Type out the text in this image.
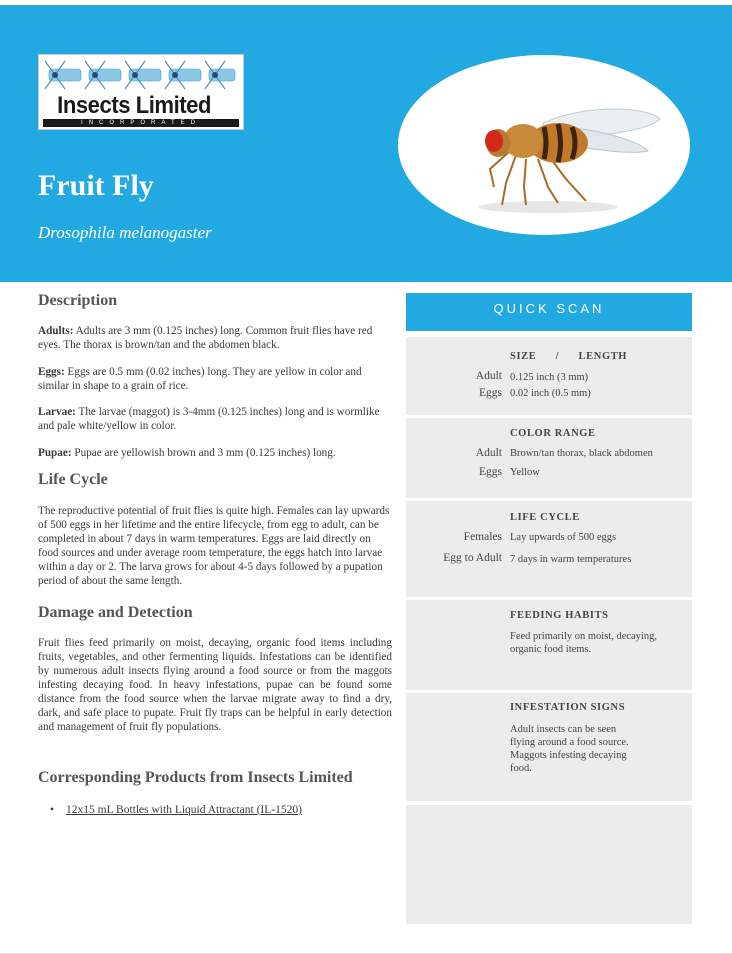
Insects Limited
INCORPORATED
Fruit Fly
Drosophila melanogaster
Description

Adults: Adults are 3 mm (0.125 inches) long. Common fruit flies have red eyes. The thorax is brown/tan and the abdomen black.

Eggs: Eggs are 0.5 mm (0.02 inches) long. They are yellow in color and similar in shape to a grain of rice.

Larvae: The larvae (maggot) is 3-4mm (0.125 inches) long and is wormlike and pale white/yellow in color.

Pupae: Pupae are yellowish brown and 3 mm (0.125 inches) long.

Life Cycle

The reproductive potential of fruit flies is quite high. Females can lay upwards of 500 eggs in her lifetime and the entire lifecycle, from egg to adult, can be completed in about 7 days in warm temperatures. Eggs are laid directly on food sources and under average room temperature, the eggs hatch into larvae within a day or 2. The larva grows for about 4-5 days followed by a pupation period of about the same length.

Damage and Detection

Fruit flies feed primarily on moist, decaying, organic food items including fruits, vegetables, and other fermenting liquids. Infestations can be identified by numerous adult insects flying around a food source or from the maggots infesting decaying food. In heavy infestations, pupae can be found some distance from the food source when the larvae migrate away to find a dry, dark, and safe place to pupate. Fruit fly traps can be helpful in early detection and management of fruit fly populations.

Corresponding Products from Insects Limited
• 12x15 mL Bottles with Liquid Attractant (IL-1520)
QUICK SCAN
SIZE      /      LENGTH
Adult 0.125 inch (3 mm)
Eggs 0.02 inch (0.5 mm)
COLOR RANGE
Adult Brown/tan thorax, black abdomen
Eggs Yellow
LIFE CYCLE
Females Lay upwards of 500 eggs
Egg to Adult 7 days in warm temperatures
FEEDING HABITS
Feed primarily on moist, decaying, organic food items.
INFESTATION SIGNS
Adult insects can be seen flying around a food source. Maggots infesting decaying food.
